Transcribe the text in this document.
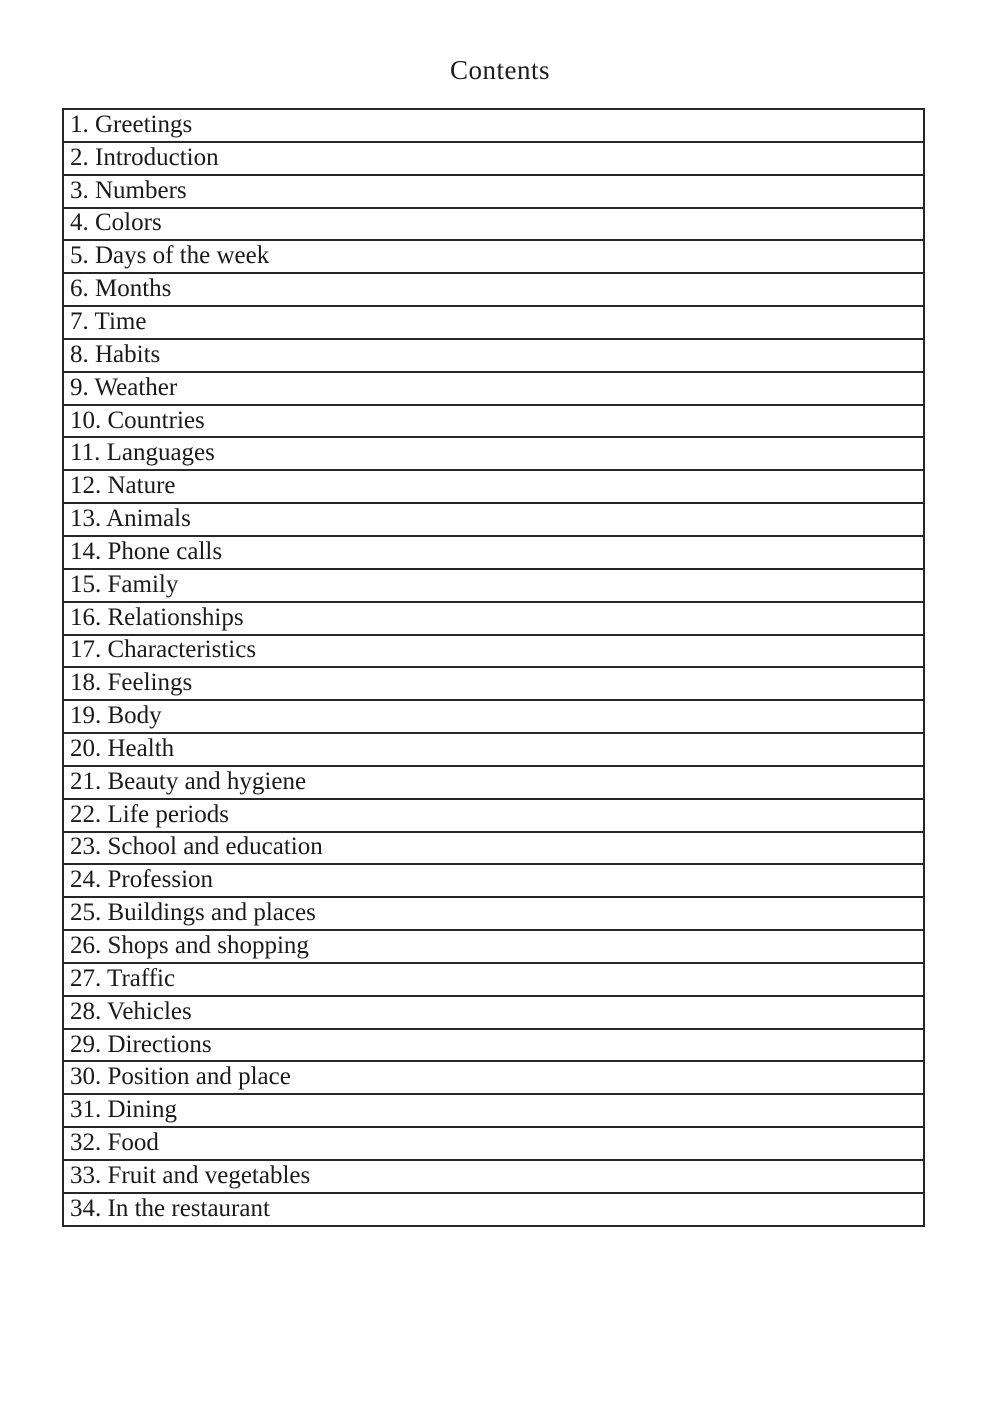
Contents
1. Greetings
2. Introduction
3. Numbers
4. Colors
5. Days of the week
6. Months
7. Time
8. Habits
9. Weather
10. Countries
11. Languages
12. Nature
13. Animals
14. Phone calls
15. Family
16. Relationships
17. Characteristics
18. Feelings
19. Body
20. Health
21. Beauty and hygiene
22. Life periods
23. School and education
24. Profession
25. Buildings and places
26. Shops and shopping
27. Traffic
28. Vehicles
29. Directions
30. Position and place
31. Dining
32. Food
33. Fruit and vegetables
34. In the restaurant
